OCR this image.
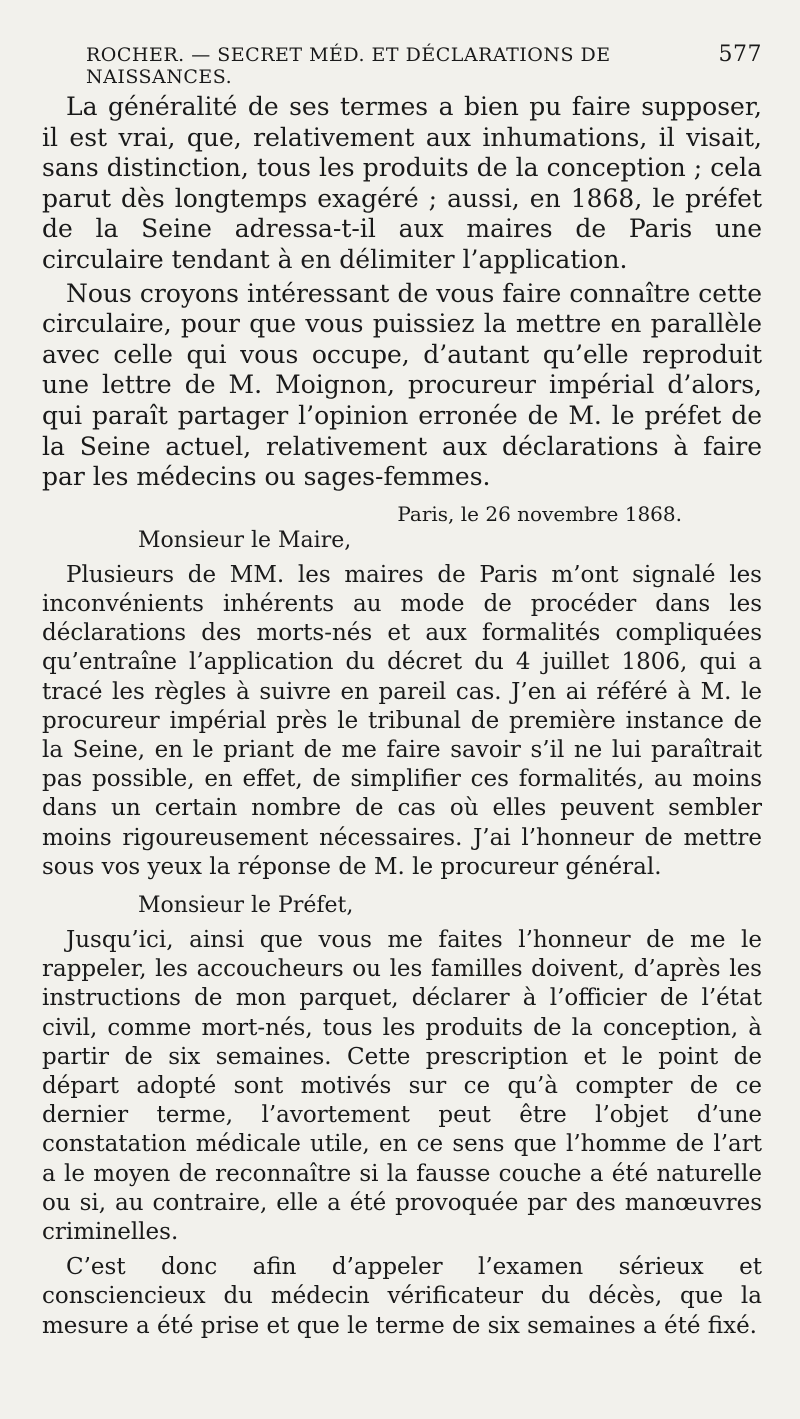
ROCHER. — SECRET MÉD. ET DÉCLARATIONS DE NAISSANCES.
577

La généralité de ses termes a bien pu faire supposer, il est vrai, que, relativement aux inhumations, il visait, sans distinction, tous les produits de la conception ; cela parut dès longtemps exagéré ; aussi, en 1868, le préfet de la Seine adressa-t-il aux maires de Paris une circulaire tendant à en délimiter l’application.

Nous croyons intéressant de vous faire connaître cette circulaire, pour que vous puissiez la mettre en parallèle avec celle qui vous occupe, d’autant qu’elle reproduit une lettre de M. Moignon, procureur impérial d’alors, qui paraît partager l’opinion erronée de M. le préfet de la Seine actuel, relativement aux déclarations à faire par les médecins ou sages-femmes.

Paris, le 26 novembre 1868.
Monsieur le Maire,

Plusieurs de MM. les maires de Paris m’ont signalé les inconvénients inhérents au mode de procéder dans les déclarations des morts-nés et aux formalités compliquées qu’entraîne l’application du décret du 4 juillet 1806, qui a tracé les règles à suivre en pareil cas. J’en ai référé à M. le procureur impérial près le tribunal de première instance de la Seine, en le priant de me faire savoir s’il ne lui paraîtrait pas possible, en effet, de simplifier ces formalités, au moins dans un certain nombre de cas où elles peuvent sembler moins rigoureusement nécessaires. J’ai l’honneur de mettre sous vos yeux la réponse de M. le procureur général.

Monsieur le Préfet,

Jusqu’ici, ainsi que vous me faites l’honneur de me le rappeler, les accoucheurs ou les familles doivent, d’après les instructions de mon parquet, déclarer à l’officier de l’état civil, comme mort-nés, tous les produits de la conception, à partir de six semaines. Cette prescription et le point de départ adopté sont motivés sur ce qu’à compter de ce dernier terme, l’avortement peut être l’objet d’une constatation médicale utile, en ce sens que l’homme de l’art a le moyen de reconnaître si la fausse couche a été naturelle ou si, au contraire, elle a été provoquée par des manœuvres criminelles.

C’est donc afin d’appeler l’examen sérieux et consciencieux du médecin vérificateur du décès, que la mesure a été prise et que le terme de six semaines a été fixé.
